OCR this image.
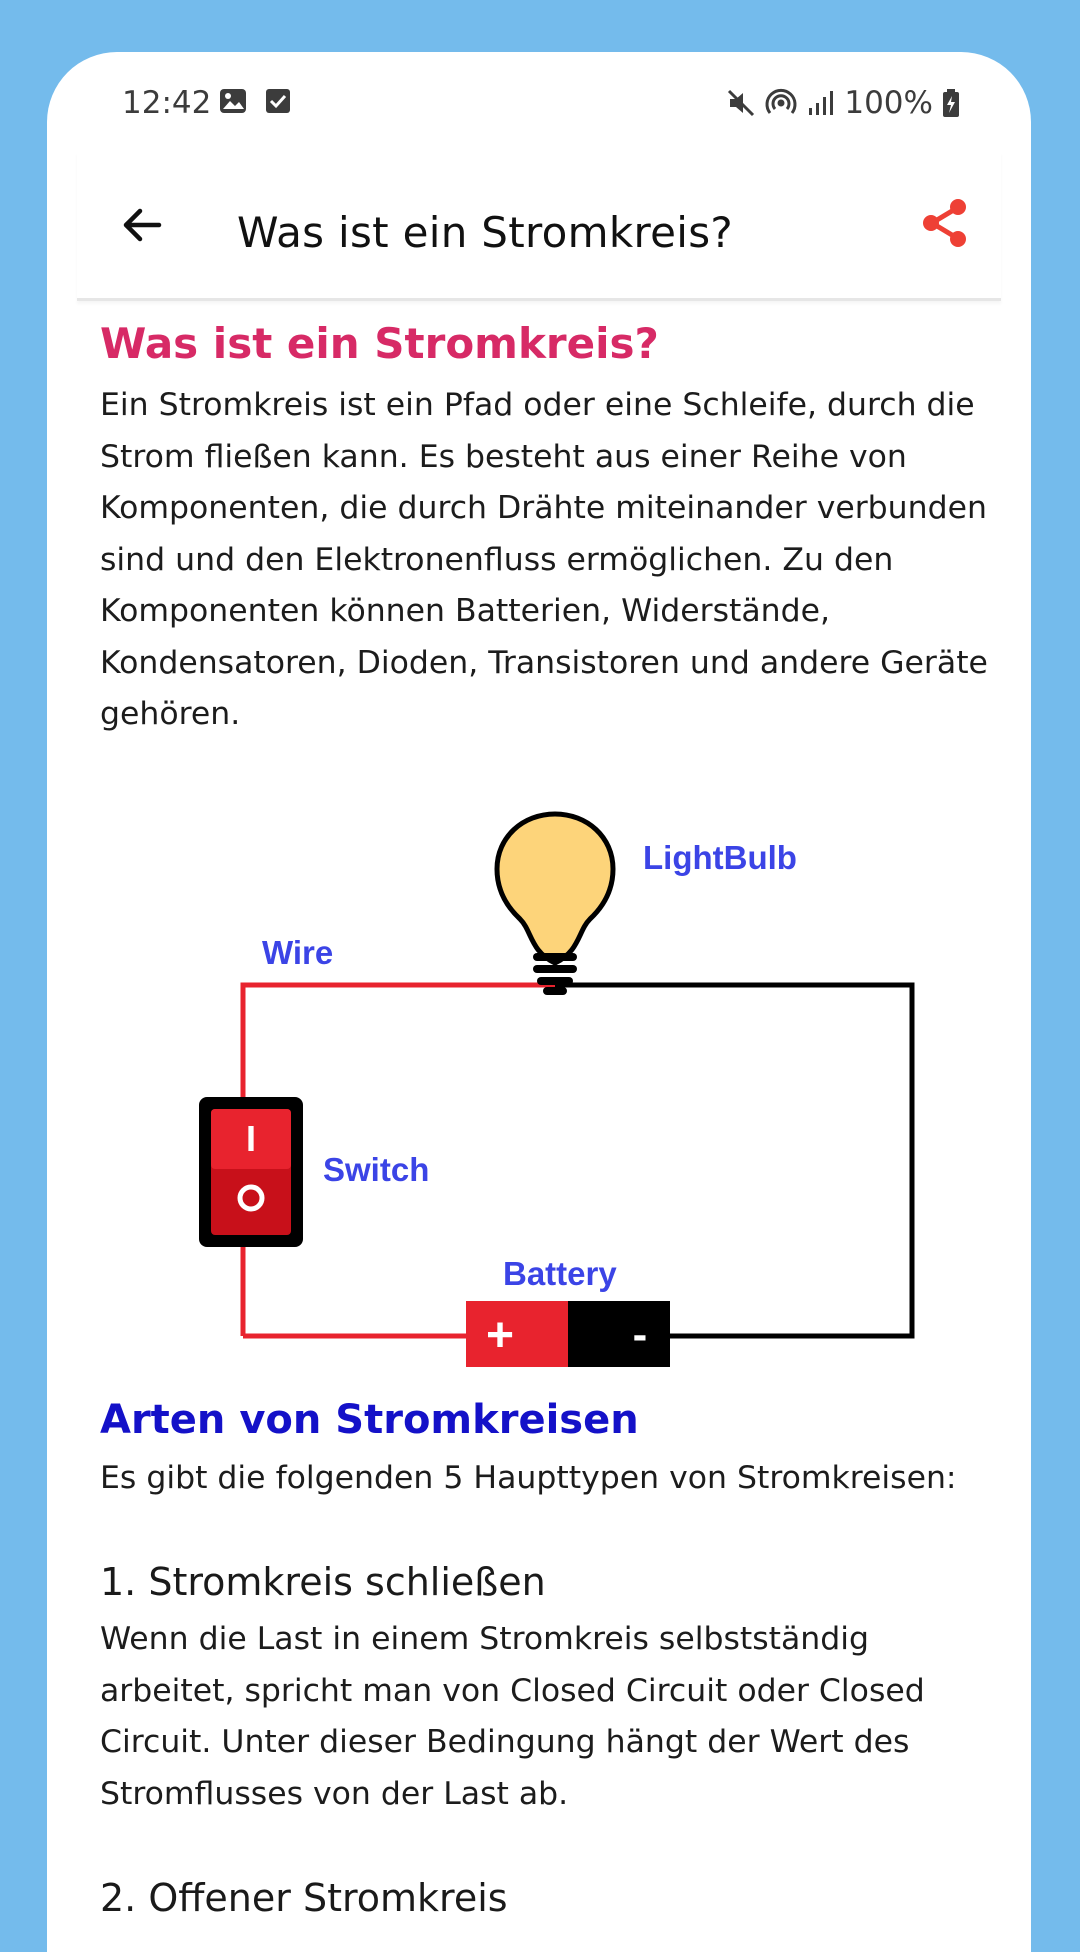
12:42	100%
Was ist ein Stromkreis?
Was ist ein Stromkreis?

Ein Stromkreis ist ein Pfad oder eine Schleife, durch die Strom fließen kann. Es besteht aus einer Reihe von Komponenten, die durch Drähte miteinander verbunden sind und den Elektronenfluss ermöglichen. Zu den Komponenten können Batterien, Widerstände, Kondensatoren, Dioden, Transistoren und andere Geräte gehören.

I
+	-
LightBulb
Wire
Switch
Battery
Arten von Stromkreisen

Es gibt die folgenden 5 Haupttypen von Stromkreisen:

1. Stromkreis schließen

Wenn die Last in einem Stromkreis selbstständig arbeitet, spricht man von Closed Circuit oder Closed Circuit. Unter dieser Bedingung hängt der Wert des Stromflusses von der Last ab.

2. Offener Stromkreis
